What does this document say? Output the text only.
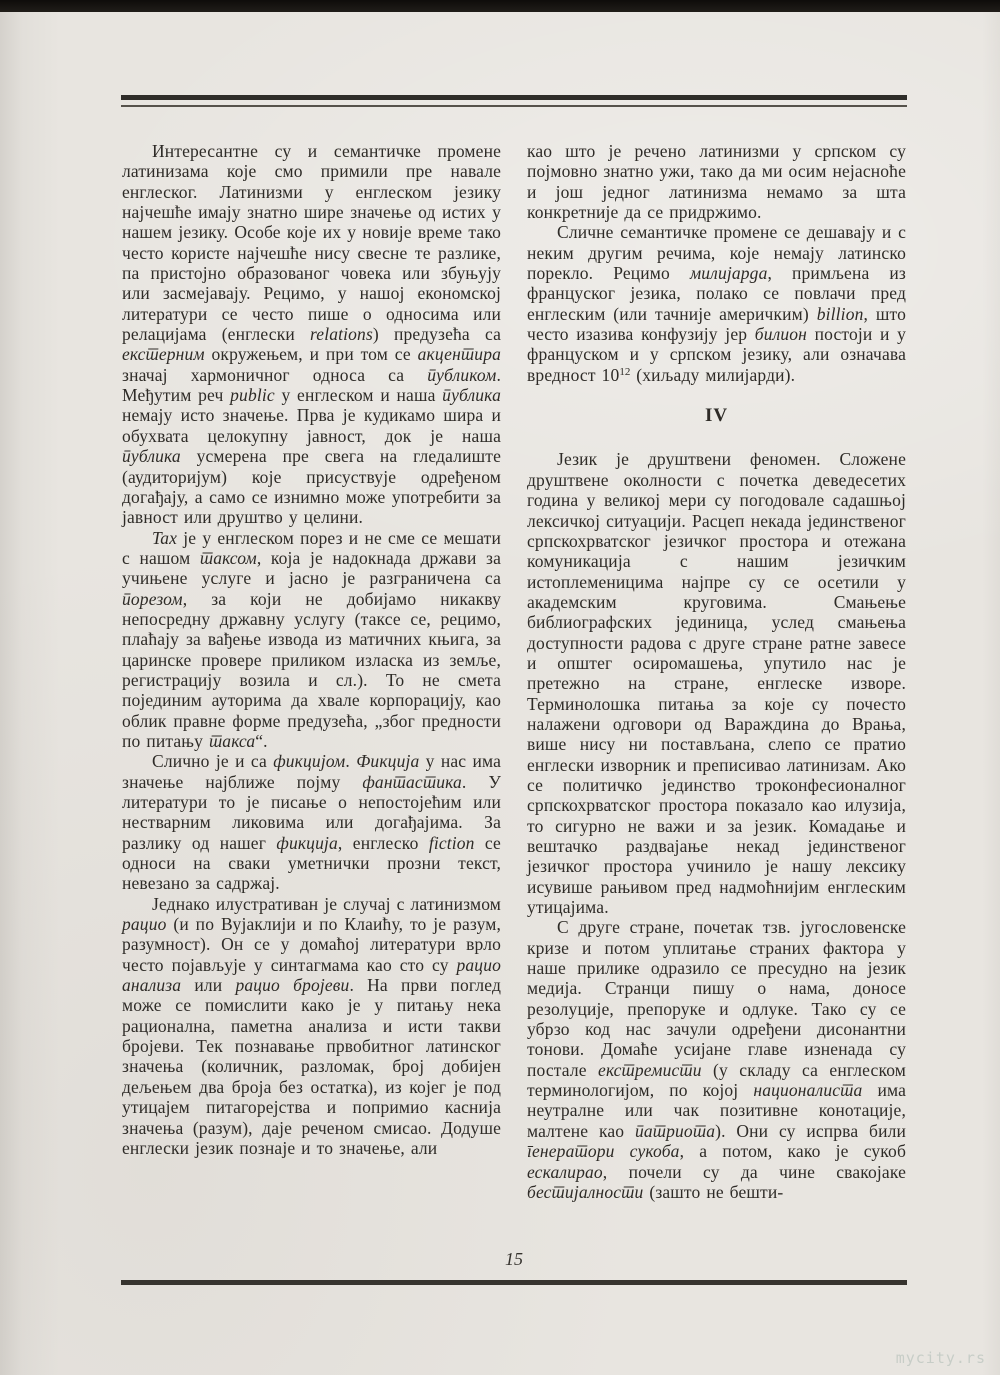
Интересантне су и семантичке промене латинизама које смо примили пре навале енглеског. Латинизми у енглеском језику најчешће имају знатно шире значење од истих у нашем језику. Особе које их у новије време тако често користе најчешће нису свесне те разлике, па пристојно образованог човека или збуњују или засмејавају. Рецимо, у нашој економској литератури се често пише о односима или релацијама (енглески relations) предузећа са екстерним окружењем, и при том се акцентира значај хармоничног односа са публиком. Међутим реч public у енглеском и наша публика немају исто значење. Прва је кудикамо шира и обухвата целокупну јавност, док је наша публика усмерена пре свега на гледалиште (аудиторијум) које присуствује одређеном догађају, а само се изнимно може употребити за јавност или друштво у целини.

Tax је у енглеском порез и не сме се мешати с нашом таксом, која је надокнада држави за учињене услуге и јасно је разграничена са порезом, за који не добијамо никакву непосредну државну услугу (таксе се, рецимо, плаћају за вађење извода из матичних књига, за царинске провере приликом изласка из земље, регистрацију возила и сл.). То не смета појединим ауторима да хвале корпорацију, као облик правне форме предузећа, „због предности по питању такса“.

Слично је и са фикцијом. Фикција у нас има значење најближе појму фантастика. У литератури то је писање о непостојећим или нестварним ликовима или догађајима. За разлику од нашег фикција, енглеско fiction се односи на сваки уметнички прозни текст, невезано за садржај.

Једнако илустративан је случај с латинизмом рацио (и по Вујаклији и по Клаићу, то је разум, разумност). Он се у домаћој литератури врло често појављује у синтагмама као сто су рацио анализа или рацио бројеви. На први поглед може се помислити како је у питању нека рационална, паметна анализа и исти такви бројеви. Тек познавање првобитног латинског значења (количник, разломак, број добијен дељењем два броја без остатка), из којег је под утицајем питагорејства и попримио каснија значења (разум), даје реченом смисао. Додуше енглески језик познаје и то значење, али

као што је речено латинизми у српском су појмовно знатно ужи, тако да ми осим нејасноће и још једног латинизма немамо за шта конкретније да се придржимо.

Сличне семантичке промене се дешавају и с неким другим речима, које немају латинско порекло. Рецимо милијарда, примљена из француског језика, полако се повлачи пред енглеским (или тачније америчким) billion, што често изазива конфузију јер билион постоји и у француском и у српском језику, али означава вредност $10^{12}$ (хиљаду милијарди).

IV

Језик је друштвени феномен. Сложене друштвене околности с почетка деведесетих година у великој мери су погодовале садашњој лексичкој ситуацији. Расцеп некада јединственог српскохрватског језичког простора и отежана комуникација с нашим језичким истоплеменицима најпре су се осетили у академским круговима. Смањење библиографских јединица, услед смањења доступности радова с друге стране ратне завесе и општег осиромашења, упутило нас је претежно на стране, енглеске изворе. Терминолошка питања за које су почесто налажени одговори од Вараждина до Врања, више нису ни постављана, слепо се пратио енглески изворник и преписивао латинизам. Ако се политичко јединство троконфесионалног српскохрватског простора показало као илузија, то сигурно не важи и за језик. Комадање и вештачко раздвајање некад јединственог језичког простора учинило је нашу лексику исувише рањивом пред надмоћнијим енглеским утицајима.

С друге стране, почетак тзв. југословенске кризе и потом уплитање страних фактора у наше прилике одразило се пресудно на језик медија. Странци пишу о нама, доносе резолуције, препоруке и одлуке. Тако су се убрзо код нас зачули одређени дисонантни тонови. Домаће усијане главе изненада су постале екстремисти (у складу са енглеском терминологијом, по којој националиста има неутралне или чак позитивне конотације, малтене као патриота). Они су испрва били генератори сукоба, а потом, како је сукоб ескалирао, почели су да чине свакојаке бестијалности (зашто не бешти-

15
mycity.rs
